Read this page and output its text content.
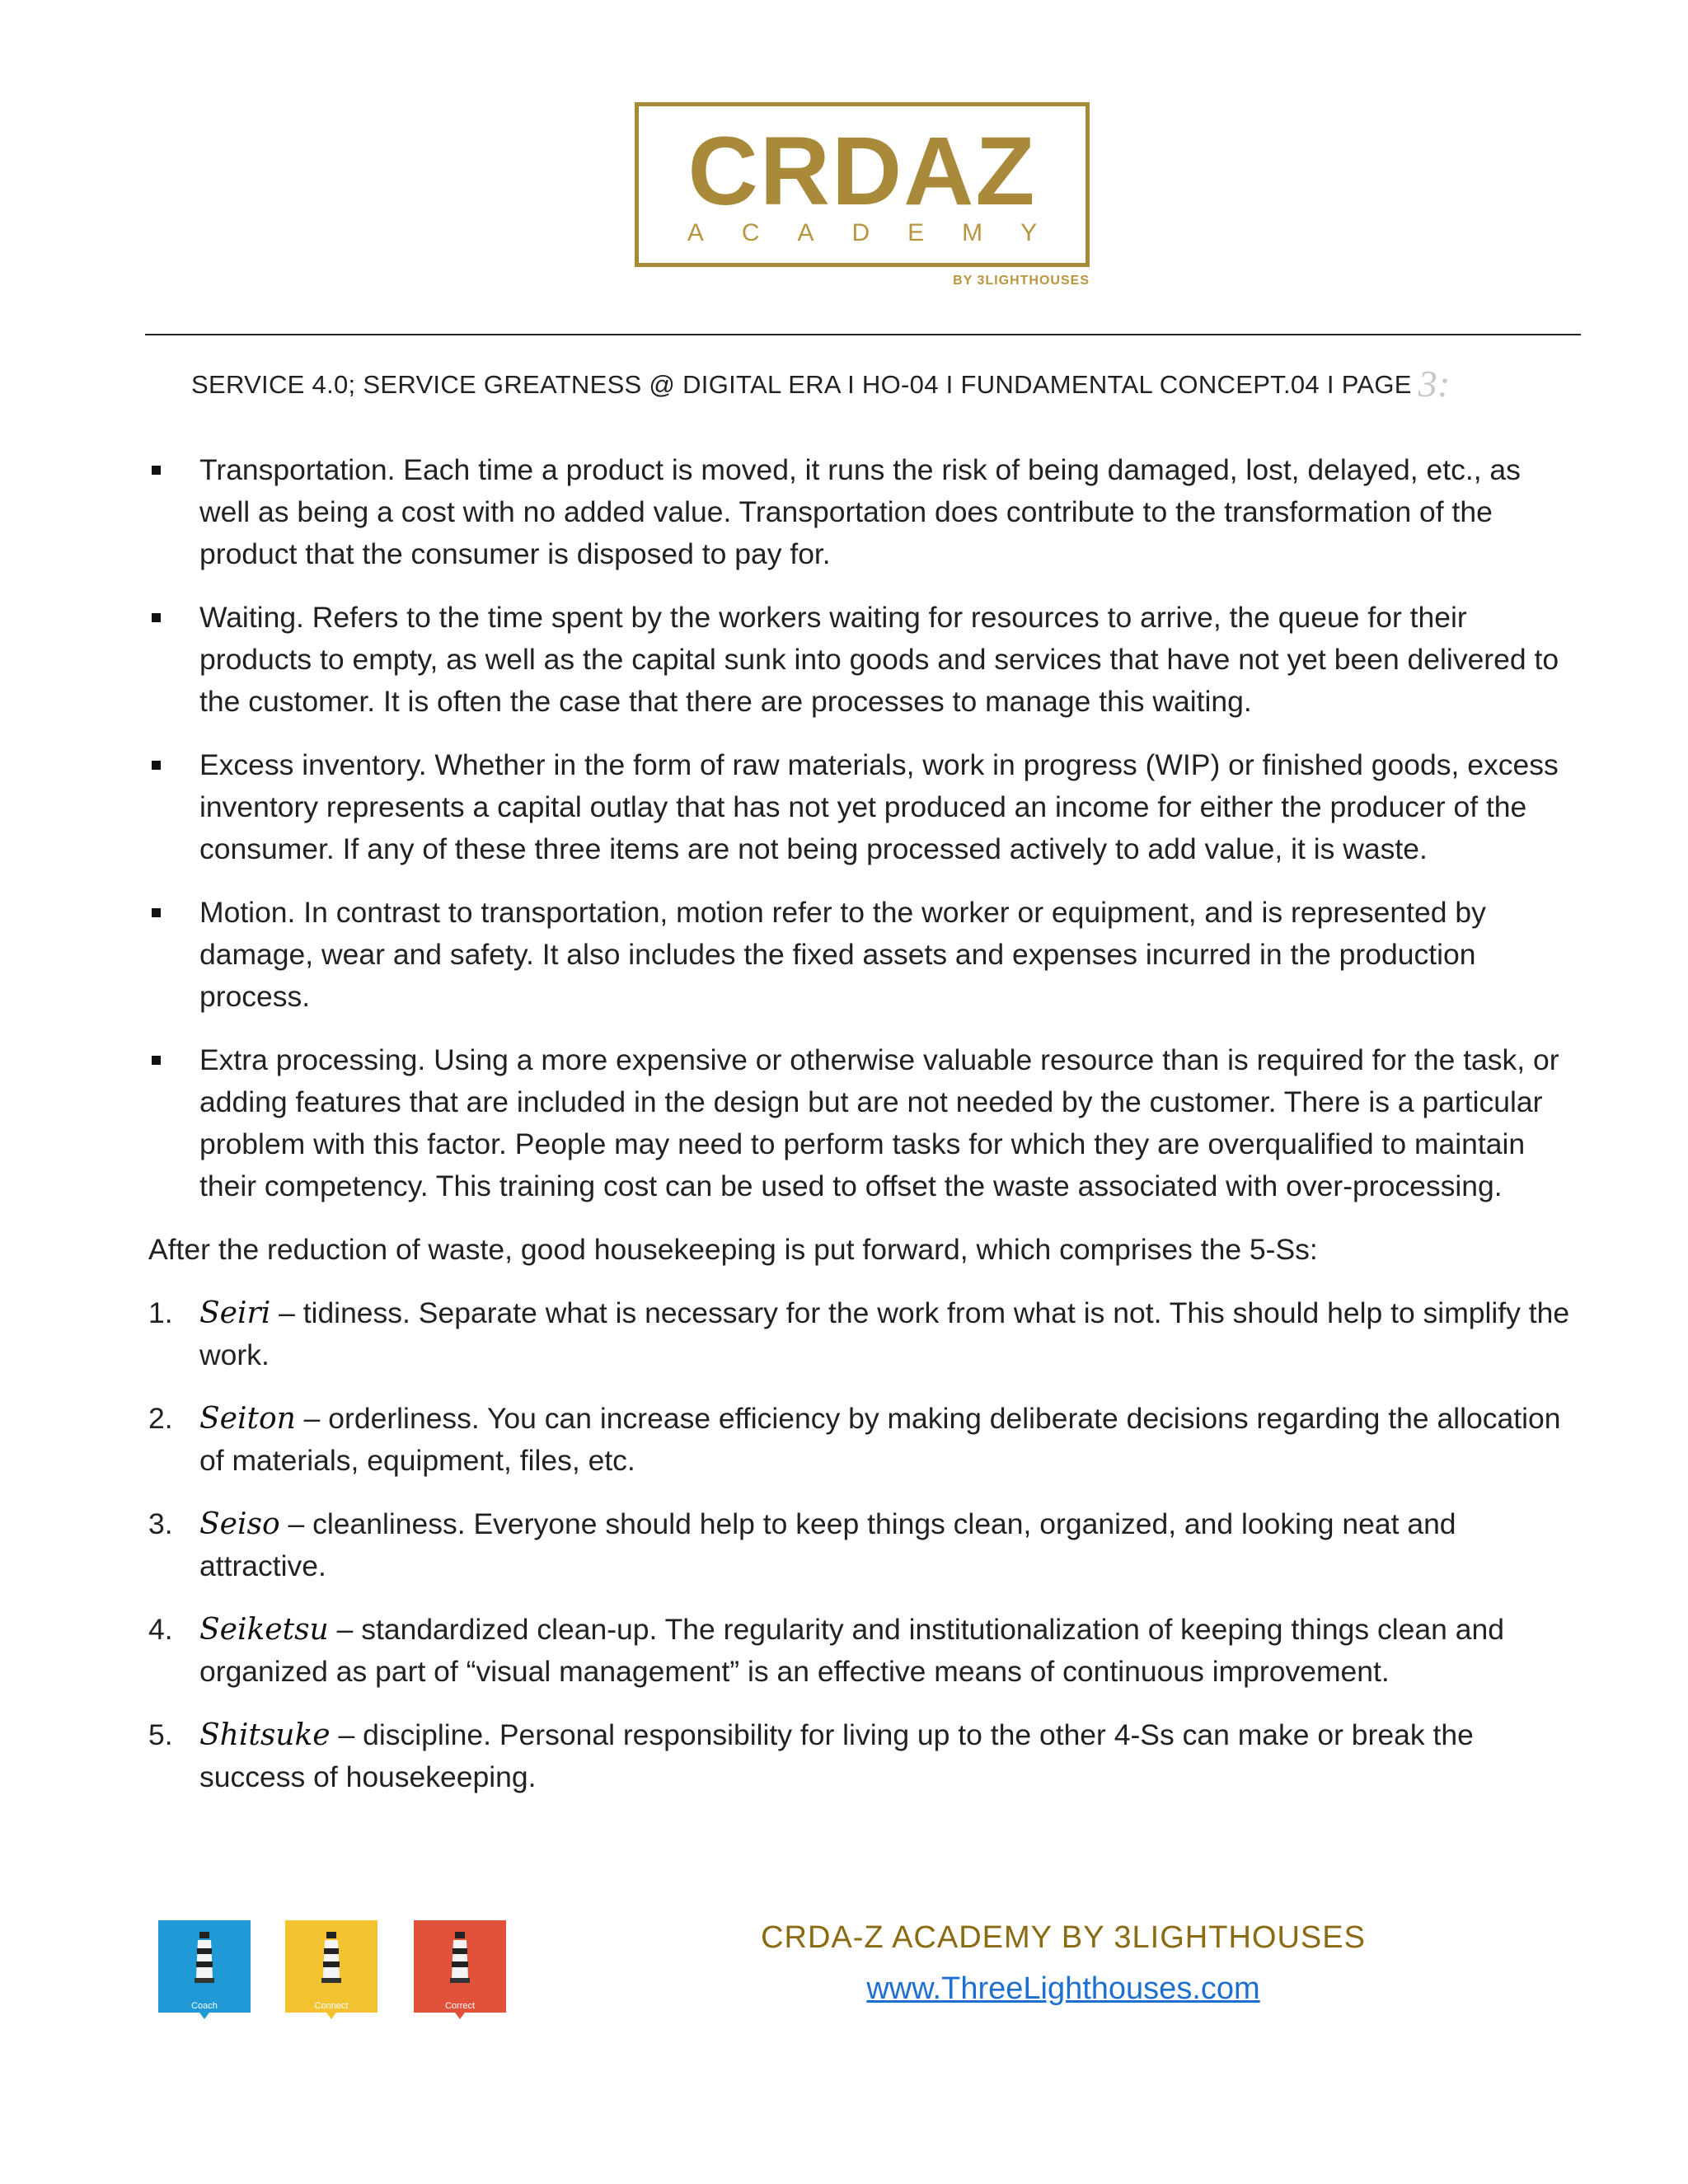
CRDAZ
ACADEMY
BY 3LIGHTHOUSES
SERVICE 4.0; SERVICE GREATNESS @ DIGITAL ERA I HO-04 I FUNDAMENTAL CONCEPT.04 I PAGE 3:
Transportation. Each time a product is moved, it runs the risk of being damaged, lost, delayed, etc., as well as being a cost with no added value. Transportation does contribute to the transformation of the product that the consumer is disposed to pay for.
Waiting. Refers to the time spent by the workers waiting for resources to arrive, the queue for their products to empty, as well as the capital sunk into goods and services that have not yet been delivered to the customer. It is often the case that there are processes to manage this waiting.
Excess inventory. Whether in the form of raw materials, work in progress (WIP) or finished goods, excess inventory represents a capital outlay that has not yet produced an income for either the producer of the consumer. If any of these three items are not being processed actively to add value, it is waste.
Motion. In contrast to transportation, motion refer to the worker or equipment, and is represented by damage, wear and safety. It also includes the fixed assets and expenses incurred in the production process.
Extra processing. Using a more expensive or otherwise valuable resource than is required for the task, or adding features that are included in the design but are not needed by the customer. There is a particular problem with this factor. People may need to perform tasks for which they are overqualified to maintain their competency. This training cost can be used to offset the waste associated with over-processing.

After the reduction of waste, good housekeeping is put forward, which comprises the 5-Ss:

1. Seiri – tidiness. Separate what is necessary for the work from what is not. This should help to simplify the work.
2. Seiton – orderliness. You can increase efficiency by making deliberate decisions regarding the allocation of materials, equipment, files, etc.
3. Seiso – cleanliness. Everyone should help to keep things clean, organized, and looking neat and attractive.
4. Seiketsu – standardized clean-up. The regularity and institutionalization of keeping things clean and organized as part of “visual management” is an effective means of continuous improvement.
5. Shitsuke – discipline. Personal responsibility for living up to the other 4-Ss can make or break the success of housekeeping.
Coach	Connect	Correct
CRDA-Z ACADEMY BY 3LIGHTHOUSES
www.ThreeLighthouses.com
